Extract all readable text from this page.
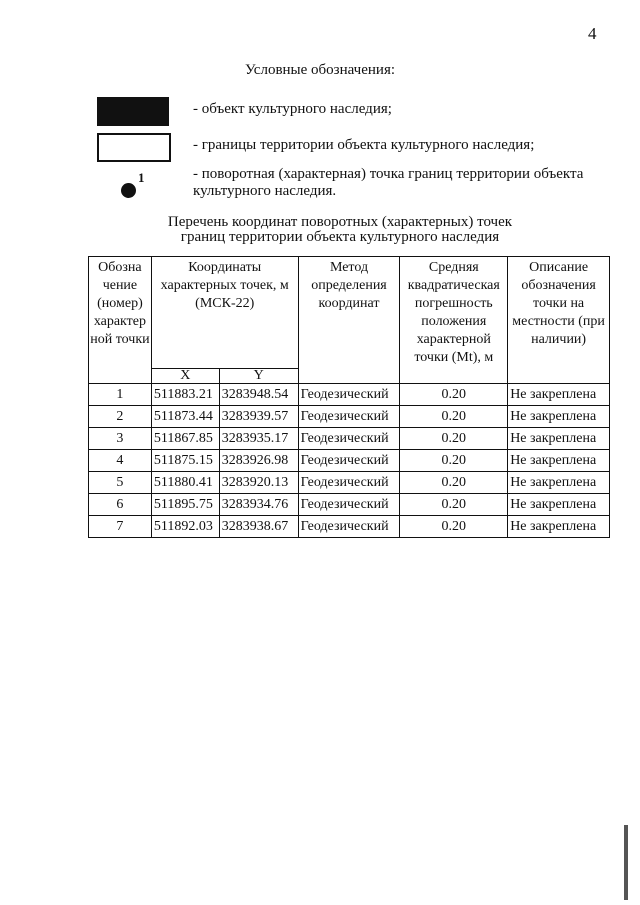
4
Условные обозначения:
- объект культурного наследия;
- границы территории объекта культурного наследия;
1	- поворотная (характерная) точка границ территории объекта культурного наследия.
Перечень координат поворотных (характерных) точек
границ территории объекта культурного наследия
Обозна чение (номер) характер ной точки	Координаты характерных точек, м (МСК-22)		Метод определения координат	Средняя квадратическая погрешность положения характерной точки (Mt), м	Описание обозначения точки на местности (при наличии)
	X	Y			
1	511883.21	3283948.54	Геодезический	0.20	Не закреплена
2	511873.44	3283939.57	Геодезический	0.20	Не закреплена
3	511867.85	3283935.17	Геодезический	0.20	Не закреплена
4	511875.15	3283926.98	Геодезический	0.20	Не закреплена
5	511880.41	3283920.13	Геодезический	0.20	Не закреплена
6	511895.75	3283934.76	Геодезический	0.20	Не закреплена
7	511892.03	3283938.67	Геодезический	0.20	Не закреплена
